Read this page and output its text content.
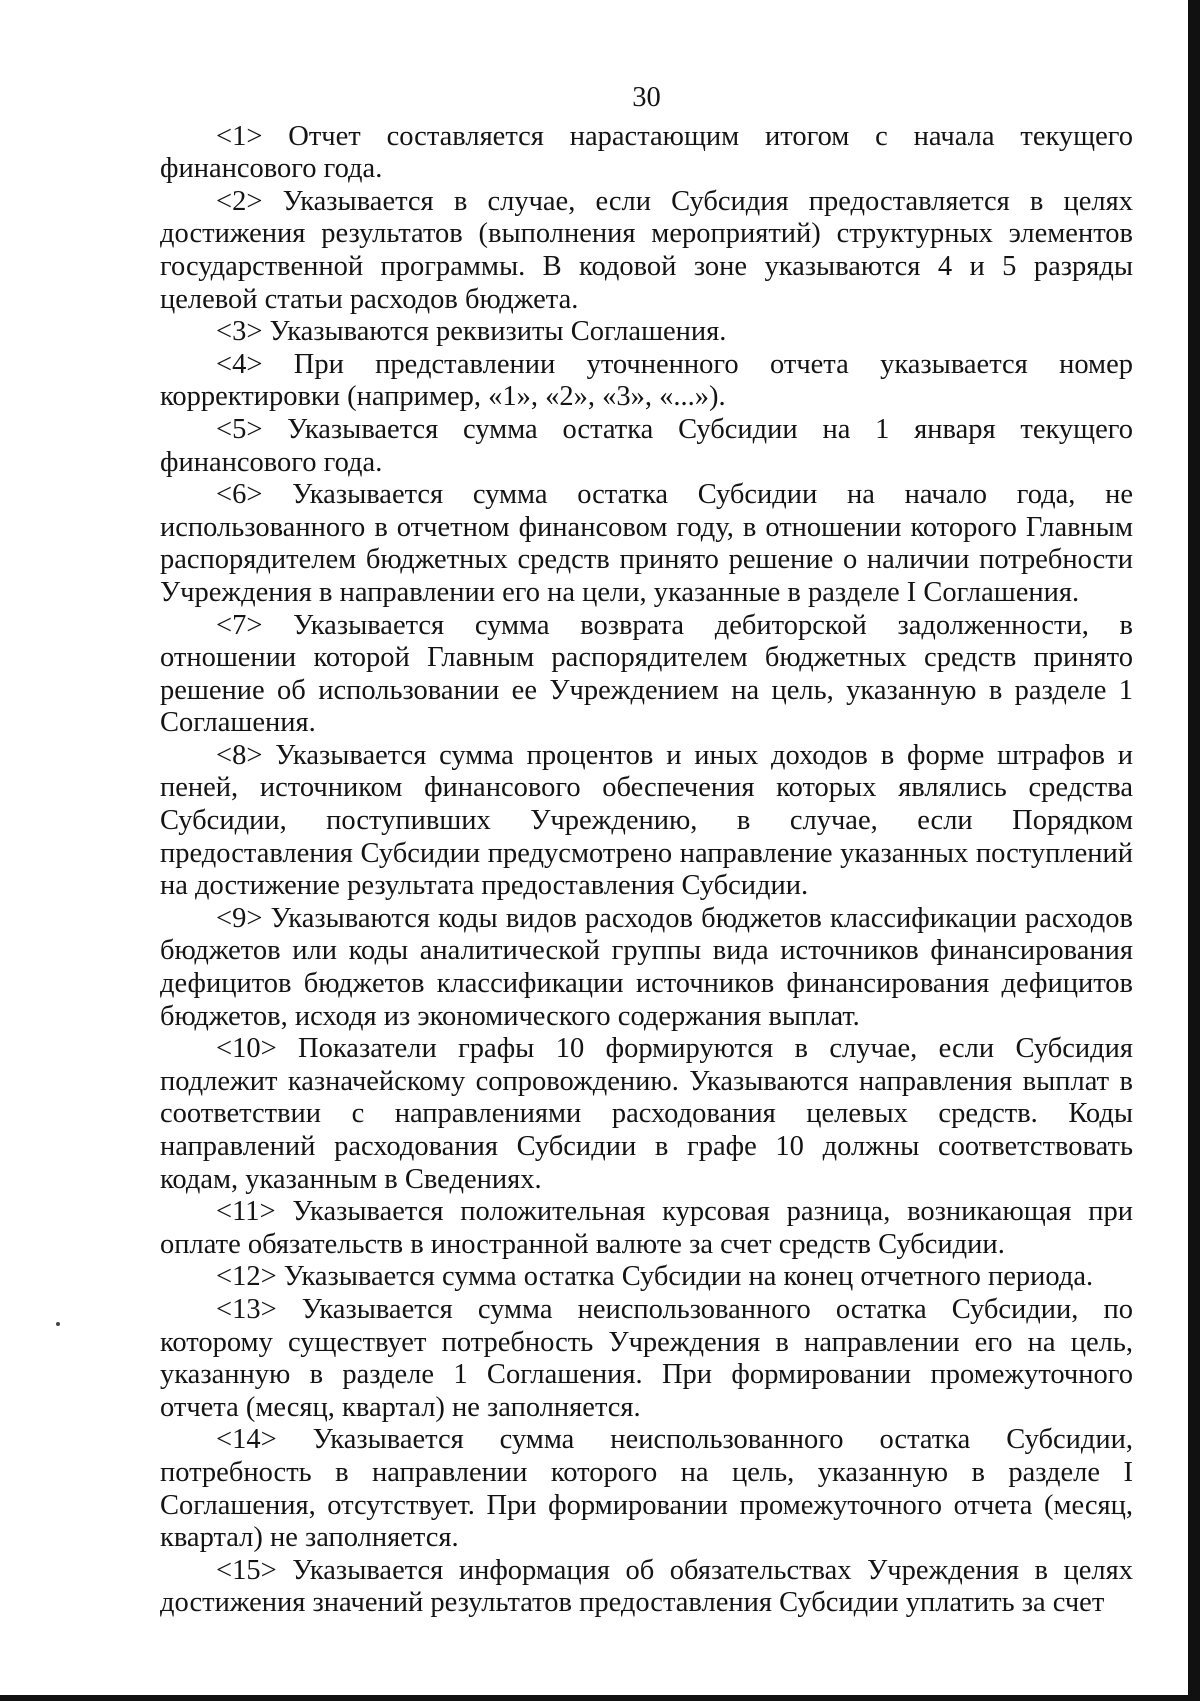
30

<1> Отчет составляется нарастающим итогом с начала текущего финансового года.

<2> Указывается в случае, если Субсидия предоставляется в целях достижения результатов (выполнения мероприятий) структурных элементов государственной программы. В кодовой зоне указываются 4 и 5 разряды целевой статьи расходов бюджета.

<3> Указываются реквизиты Соглашения.

<4> При представлении уточненного отчета указывается номер корректировки (например, «1», «2», «3», «...»).

<5> Указывается сумма остатка Субсидии на 1 января текущего финансового года.

<6> Указывается сумма остатка Субсидии на начало года, не использованного в отчетном финансовом году, в отношении которого Главным распорядителем бюджетных средств принято решение о наличии потребности Учреждения в направлении его на цели, указанные в разделе I Соглашения.

<7> Указывается сумма возврата дебиторской задолженности, в отношении которой Главным распорядителем бюджетных средств принято решение об использовании ее Учреждением на цель, указанную в разделе 1 Соглашения.

<8> Указывается сумма процентов и иных доходов в форме штрафов и пеней, источником финансового обеспечения которых являлись средства Субсидии, поступивших Учреждению, в случае, если Порядком предоставления Субсидии предусмотрено направление указанных поступлений на достижение результата предоставления Субсидии.

<9> Указываются коды видов расходов бюджетов классификации расходов бюджетов или коды аналитической группы вида источников финансирования дефицитов бюджетов классификации источников финансирования дефицитов бюджетов, исходя из экономического содержания выплат.

<10> Показатели графы 10 формируются в случае, если Субсидия подлежит казначейскому сопровождению. Указываются направления выплат в соответствии с направлениями расходования целевых средств. Коды направлений расходования Субсидии в графе 10 должны соответствовать кодам, указанным в Сведениях.

<11> Указывается положительная курсовая разница, возникающая при оплате обязательств в иностранной валюте за счет средств Субсидии.

<12> Указывается сумма остатка Субсидии на конец отчетного периода.

<13> Указывается сумма неиспользованного остатка Субсидии, по которому существует потребность Учреждения в направлении его на цель, указанную в разделе 1 Соглашения. При формировании промежуточного отчета (месяц, квартал) не заполняется.

<14> Указывается сумма неиспользованного остатка Субсидии, потребность в направлении которого на цель, указанную в разделе I Соглашения, отсутствует. При формировании промежуточного отчета (месяц, квартал) не заполняется.

<15> Указывается информация об обязательствах Учреждения в целях достижения значений результатов предоставления Субсидии уплатить за счет
